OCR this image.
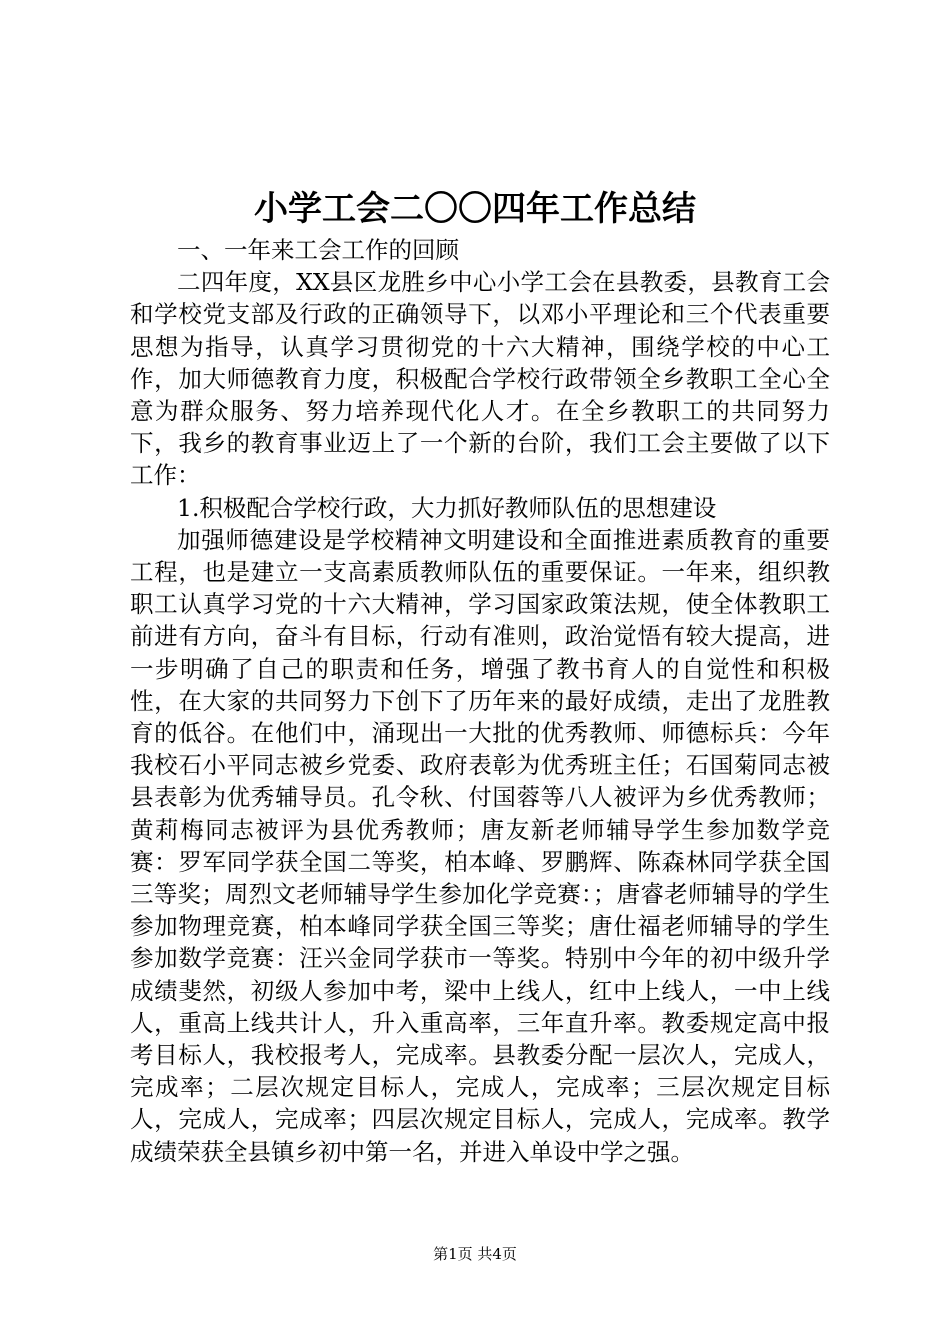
小学工会二〇〇四年工作总结

一、一年来工会工作的回顾

二四年度，XX县区龙胜乡中心小学工会在县教委，县教育工会和学校党支部及行政的正确领导下，以邓小平理论和三个代表重要思想为指导，认真学习贯彻党的十六大精神，围绕学校的中心工作，加大师德教育力度，积极配合学校行政带领全乡教职工全心全意为群众服务、努力培养现代化人才。在全乡教职工的共同努力下，我乡的教育事业迈上了一个新的台阶，我们工会主要做了以下工作：

1.积极配合学校行政，大力抓好教师队伍的思想建设

加强师德建设是学校精神文明建设和全面推进素质教育的重要工程，也是建立一支高素质教师队伍的重要保证。一年来，组织教职工认真学习党的十六大精神，学习国家政策法规，使全体教职工前进有方向，奋斗有目标，行动有准则，政治觉悟有较大提高，进一步明确了自己的职责和任务，增强了教书育人的自觉性和积极性，在大家的共同努力下创下了历年来的最好成绩，走出了龙胜教育的低谷。在他们中，涌现出一大批的优秀教师、师德标兵：今年我校石小平同志被乡党委、政府表彰为优秀班主任；石国菊同志被县表彰为优秀辅导员。孔令秋、付国蓉等八人被评为乡优秀教师；黄莉梅同志被评为县优秀教师；唐友新老师辅导学生参加数学竞赛：罗军同学获全国二等奖，柏本峰、罗鹏辉、陈森林同学获全国三等奖；周烈文老师辅导学生参加化学竞赛：；唐睿老师辅导的学生参加物理竞赛，柏本峰同学获全国三等奖；唐仕福老师辅导的学生参加数学竞赛：汪兴金同学获市一等奖。特别中今年的初中级升学成绩斐然，初级人参加中考，梁中上线人，红中上线人，一中上线人，重高上线共计人，升入重高率，三年直升率。教委规定高中报考目标人，我校报考人，完成率。县教委分配一层次人，完成人，完成率；二层次规定目标人，完成人，完成率；三层次规定目标人，完成人，完成率；四层次规定目标人，完成人，完成率。教学成绩荣获全县镇乡初中第一名，并进入单设中学之强。

第1页 共4页
